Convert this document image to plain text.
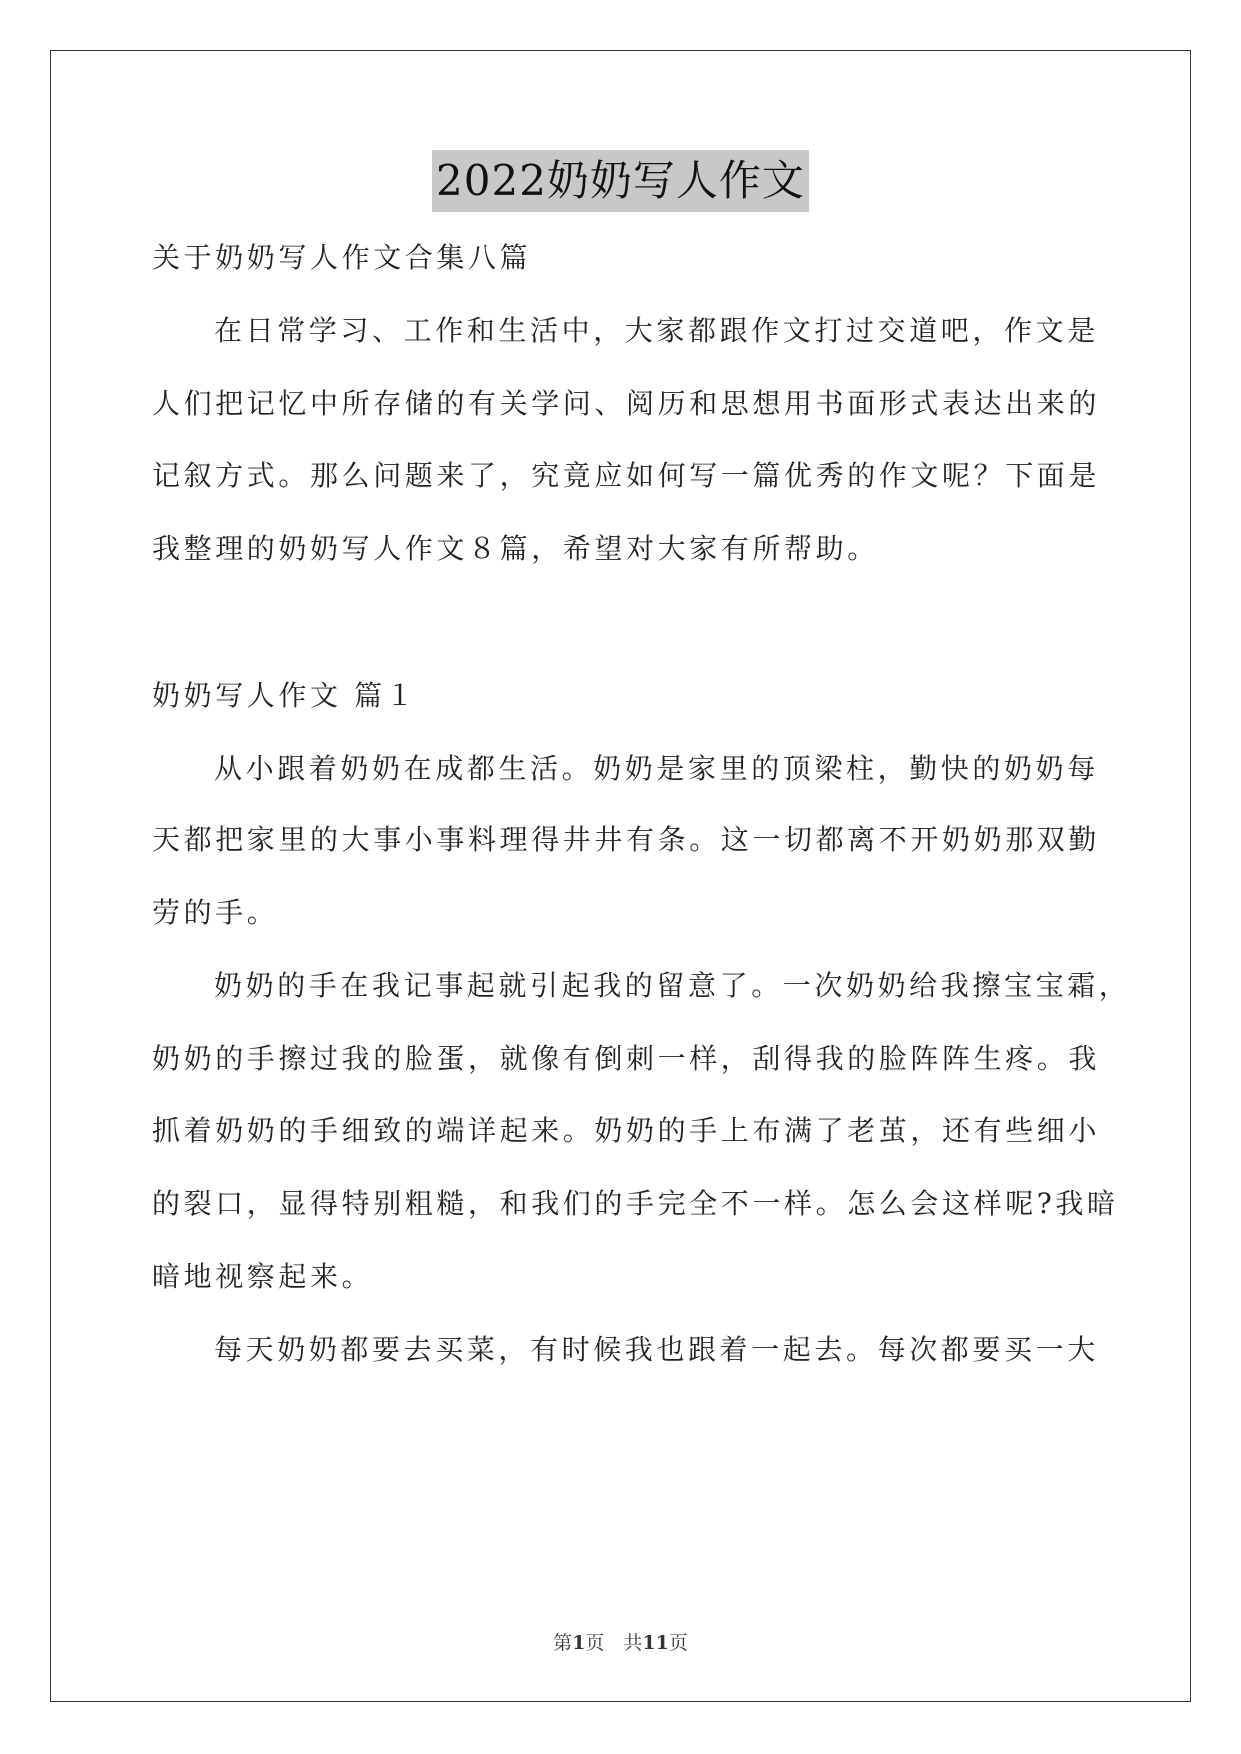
2022奶奶写人作文
关于奶奶写人作文合集八篇
在日常学习、工作和生活中，大家都跟作文打过交道吧，作文是
人们把记忆中所存储的有关学问、阅历和思想用书面形式表达出来的
记叙方式。那么问题来了，究竟应如何写一篇优秀的作文呢？下面是
我整理的奶奶写人作文８篇，希望对大家有所帮助。
奶奶写人作文 篇１
从小跟着奶奶在成都生活。奶奶是家里的顶梁柱，勤快的奶奶每
天都把家里的大事小事料理得井井有条。这一切都离不开奶奶那双勤
劳的手。
奶奶的手在我记事起就引起我的留意了。一次奶奶给我擦宝宝霜，
奶奶的手擦过我的脸蛋，就像有倒刺一样，刮得我的脸阵阵生疼。我
抓着奶奶的手细致的端详起来。奶奶的手上布满了老茧，还有些细小
的裂口，显得特别粗糙，和我们的手完全不一样。怎么会这样呢?我暗
暗地视察起来。
每天奶奶都要去买菜，有时候我也跟着一起去。每次都要买一大
第1页　共11页
